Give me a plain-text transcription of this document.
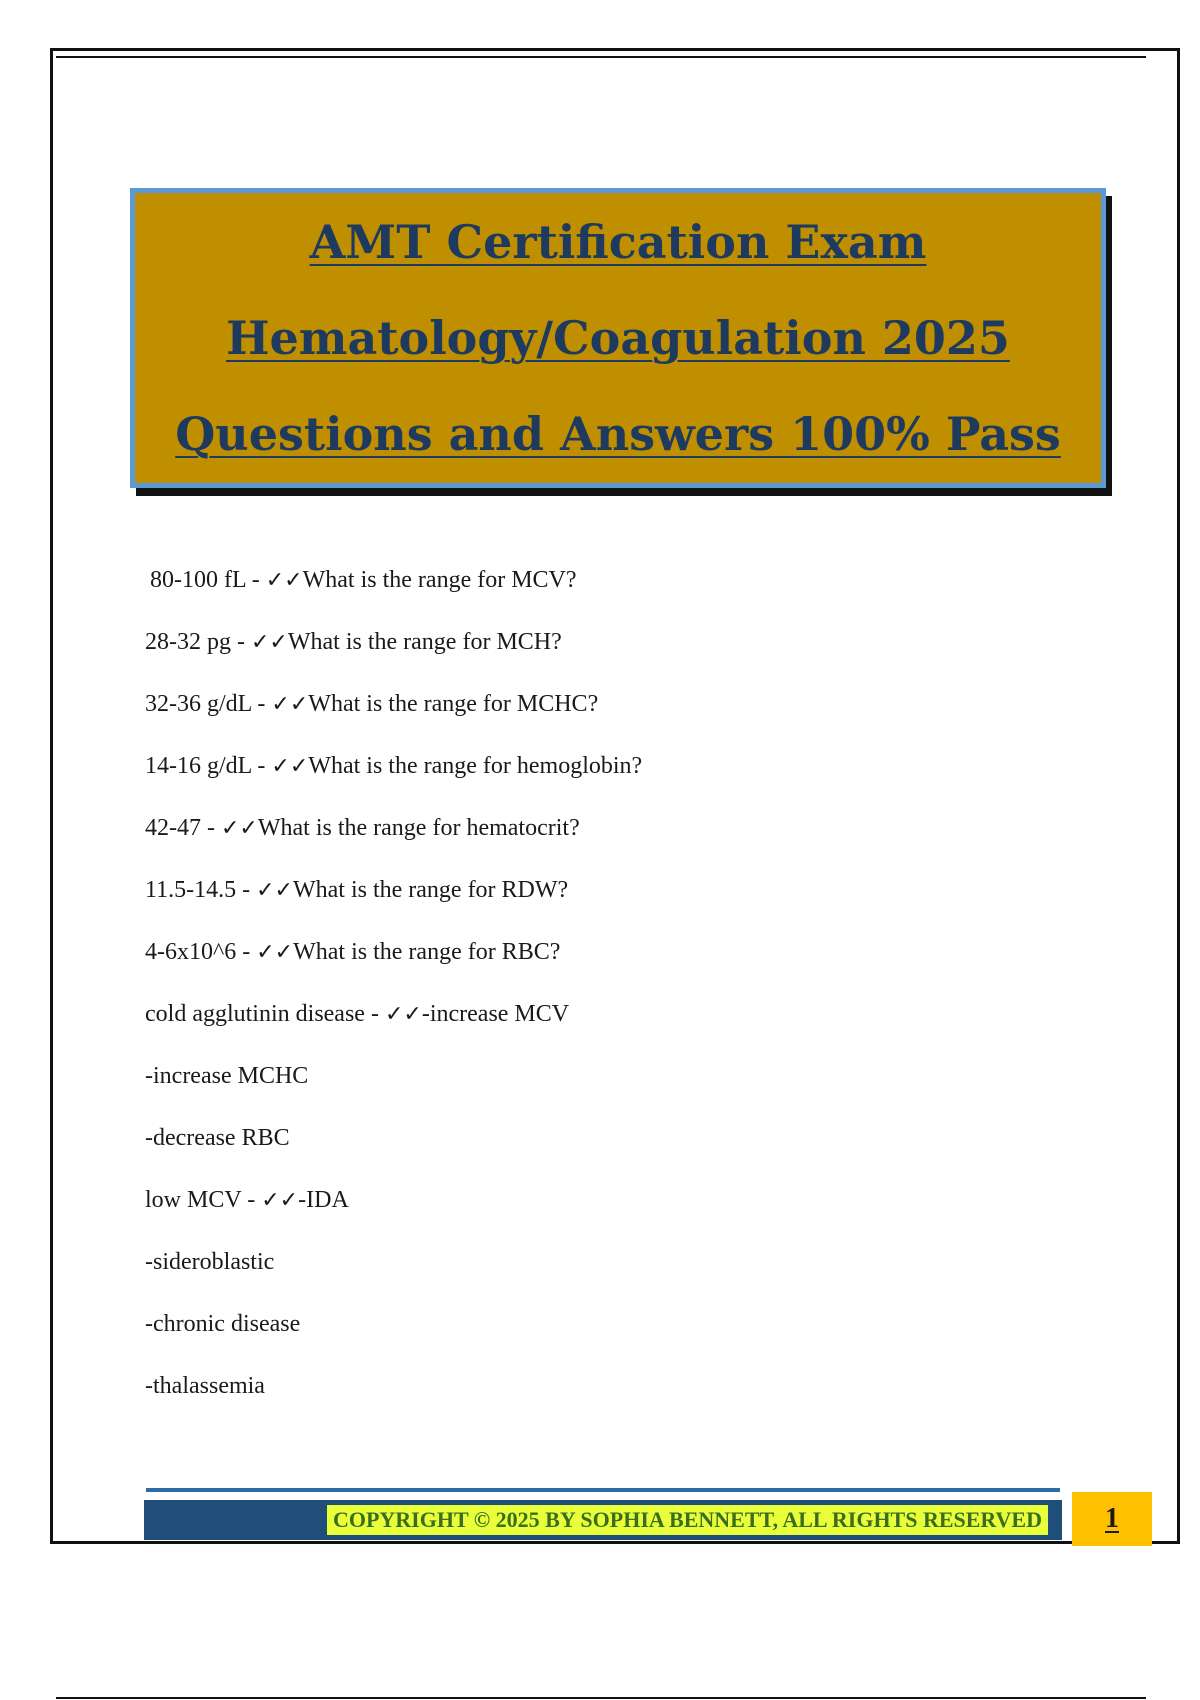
AMT Certification Exam
Hematology/Coagulation 2025
Questions and Answers 100% Pass
80-100 fL - ✓✓What is the range for MCV?
28-32 pg - ✓✓What is the range for MCH?
32-36 g/dL - ✓✓What is the range for MCHC?
14-16 g/dL - ✓✓What is the range for hemoglobin?
42-47 - ✓✓What is the range for hematocrit?
11.5-14.5 - ✓✓What is the range for RDW?
4-6x10^6 - ✓✓What is the range for RBC?
cold agglutinin disease - ✓✓-increase MCV
-increase MCHC
-decrease RBC
low MCV - ✓✓-IDA
-sideroblastic
-chronic disease
-thalassemia
COPYRIGHT © 2025 BY SOPHIA BENNETT, ALL RIGHTS RESERVED 1
